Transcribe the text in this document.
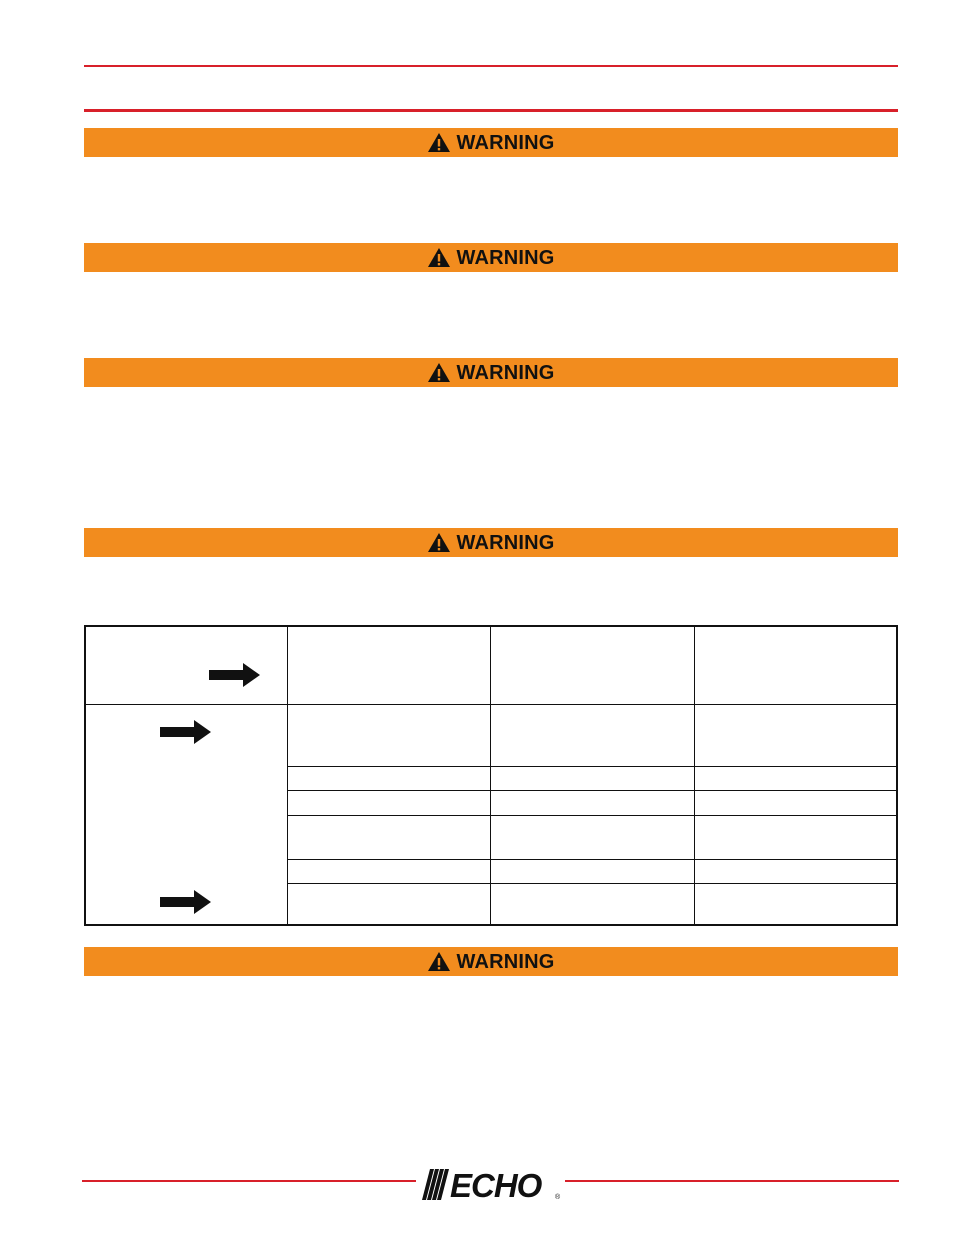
WARNING
WARNING
WARNING
WARNING
WARNING
ECHO ®
